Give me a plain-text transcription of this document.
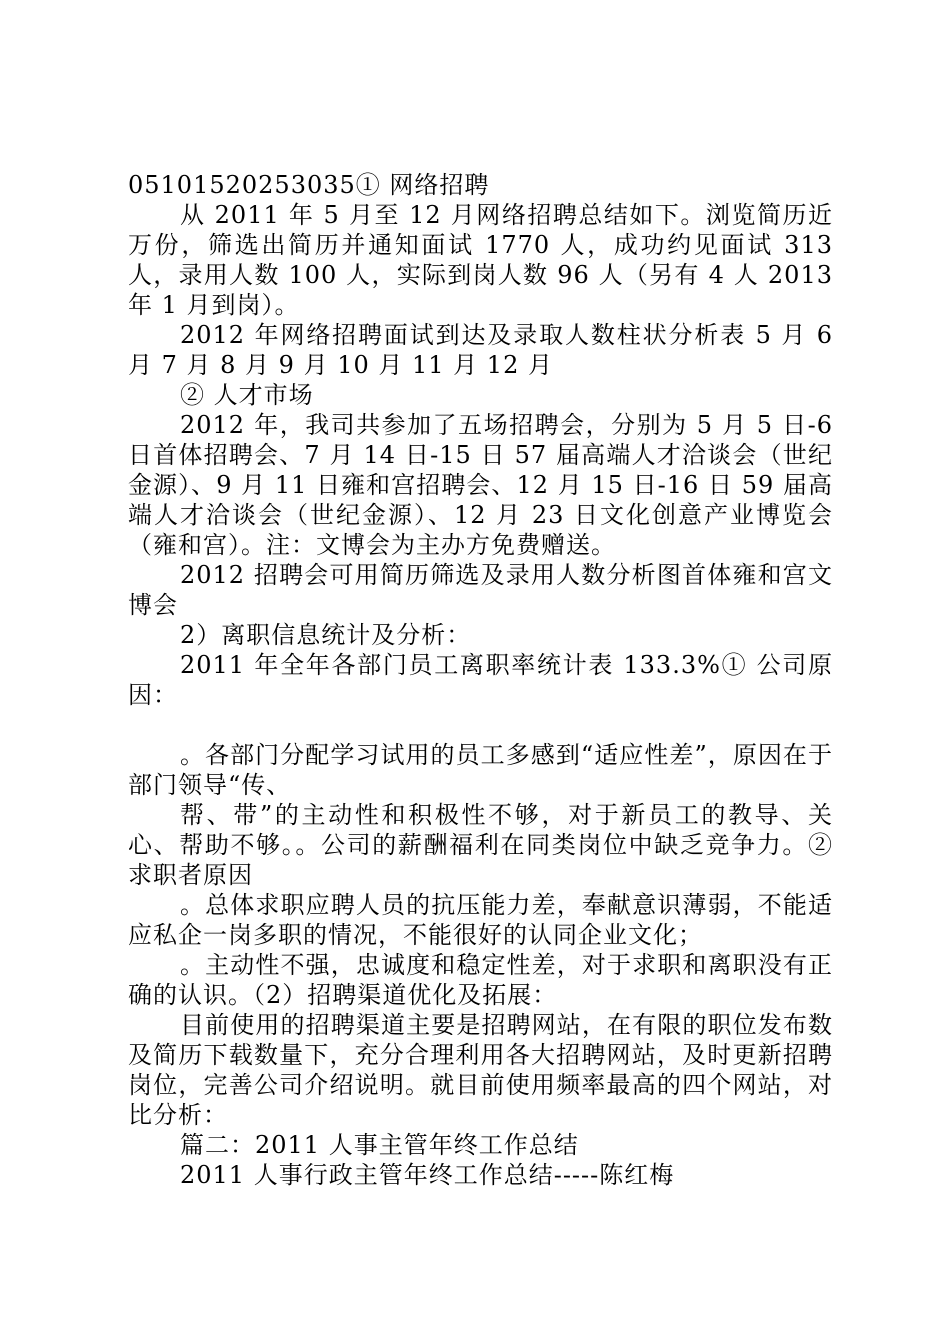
05101520253035① 网络招聘

从 2011 年 5 月至 12 月网络招聘总结如下。浏览简历近万份，筛选出简历并通知面试 1770 人，成功约见面试 313 人，录用人数 100 人，实际到岗人数 96 人（另有 4 人 2013 年 1 月到岗）。

2012 年网络招聘面试到达及录取人数柱状分析表 5 月 6 月 7 月 8 月 9 月 10 月 11 月 12 月

② 人才市场

2012 年，我司共参加了五场招聘会，分别为 5 月 5 日-6 日首体招聘会、7 月 14 日-15 日 57 届高端人才洽谈会（世纪金源）、9 月 11 日雍和宫招聘会、12 月 15 日-16 日 59 届高端人才洽谈会（世纪金源）、12 月 23 日文化创意产业博览会（雍和宫）。注：文博会为主办方免费赠送。

2012 招聘会可用简历筛选及录用人数分析图首体雍和宫文博会

2）离职信息统计及分析：

2011 年全年各部门员工离职率统计表 133.3%① 公司原因：

。各部门分配学习试用的员工多感到“适应性差”，原因在于部门领导“传、

帮、带”的主动性和积极性不够，对于新员工的教导、关心、帮助不够。。公司的薪酬福利在同类岗位中缺乏竞争力。②求职者原因

。总体求职应聘人员的抗压能力差，奉献意识薄弱，不能适应私企一岗多职的情况，不能很好的认同企业文化；

。主动性不强，忠诚度和稳定性差，对于求职和离职没有正确的认识。（2）招聘渠道优化及拓展：

目前使用的招聘渠道主要是招聘网站，在有限的职位发布数及简历下载数量下，充分合理利用各大招聘网站，及时更新招聘岗位，完善公司介绍说明。就目前使用频率最高的四个网站，对比分析：

篇二：2011 人事主管年终工作总结

2011 人事行政主管年终工作总结-----陈红梅
